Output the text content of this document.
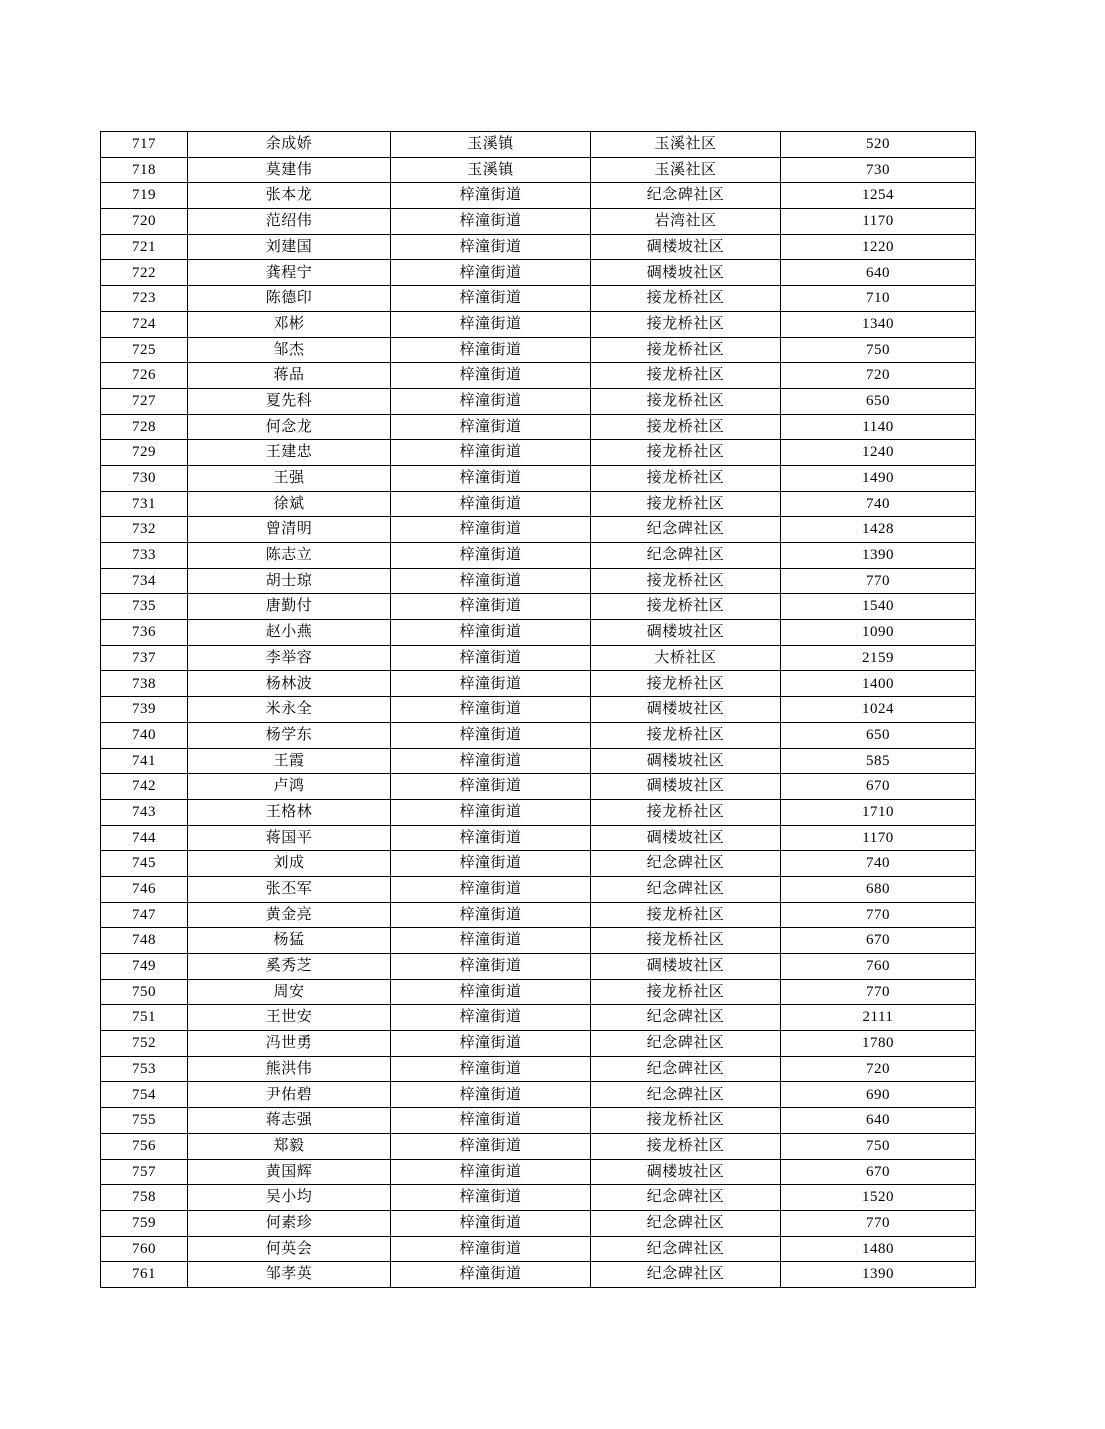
717	余成娇	玉溪镇	玉溪社区	520
718	莫建伟	玉溪镇	玉溪社区	730
719	张本龙	梓潼街道	纪念碑社区	1254
720	范绍伟	梓潼街道	岩湾社区	1170
721	刘建国	梓潼街道	碉楼坡社区	1220
722	龚程宁	梓潼街道	碉楼坡社区	640
723	陈德印	梓潼街道	接龙桥社区	710
724	邓彬	梓潼街道	接龙桥社区	1340
725	邹杰	梓潼街道	接龙桥社区	750
726	蒋品	梓潼街道	接龙桥社区	720
727	夏先科	梓潼街道	接龙桥社区	650
728	何念龙	梓潼街道	接龙桥社区	1140
729	王建忠	梓潼街道	接龙桥社区	1240
730	王强	梓潼街道	接龙桥社区	1490
731	徐斌	梓潼街道	接龙桥社区	740
732	曾清明	梓潼街道	纪念碑社区	1428
733	陈志立	梓潼街道	纪念碑社区	1390
734	胡士琼	梓潼街道	接龙桥社区	770
735	唐勤付	梓潼街道	接龙桥社区	1540
736	赵小燕	梓潼街道	碉楼坡社区	1090
737	李举容	梓潼街道	大桥社区	2159
738	杨林波	梓潼街道	接龙桥社区	1400
739	米永全	梓潼街道	碉楼坡社区	1024
740	杨学东	梓潼街道	接龙桥社区	650
741	王霞	梓潼街道	碉楼坡社区	585
742	卢鸿	梓潼街道	碉楼坡社区	670
743	王格林	梓潼街道	接龙桥社区	1710
744	蒋国平	梓潼街道	碉楼坡社区	1170
745	刘成	梓潼街道	纪念碑社区	740
746	张丕军	梓潼街道	纪念碑社区	680
747	黄金亮	梓潼街道	接龙桥社区	770
748	杨猛	梓潼街道	接龙桥社区	670
749	奚秀芝	梓潼街道	碉楼坡社区	760
750	周安	梓潼街道	接龙桥社区	770
751	王世安	梓潼街道	纪念碑社区	2111
752	冯世勇	梓潼街道	纪念碑社区	1780
753	熊洪伟	梓潼街道	纪念碑社区	720
754	尹佑碧	梓潼街道	纪念碑社区	690
755	蒋志强	梓潼街道	接龙桥社区	640
756	郑毅	梓潼街道	接龙桥社区	750
757	黄国辉	梓潼街道	碉楼坡社区	670
758	吴小均	梓潼街道	纪念碑社区	1520
759	何素珍	梓潼街道	纪念碑社区	770
760	何英会	梓潼街道	纪念碑社区	1480
761	邹孝英	梓潼街道	纪念碑社区	1390
